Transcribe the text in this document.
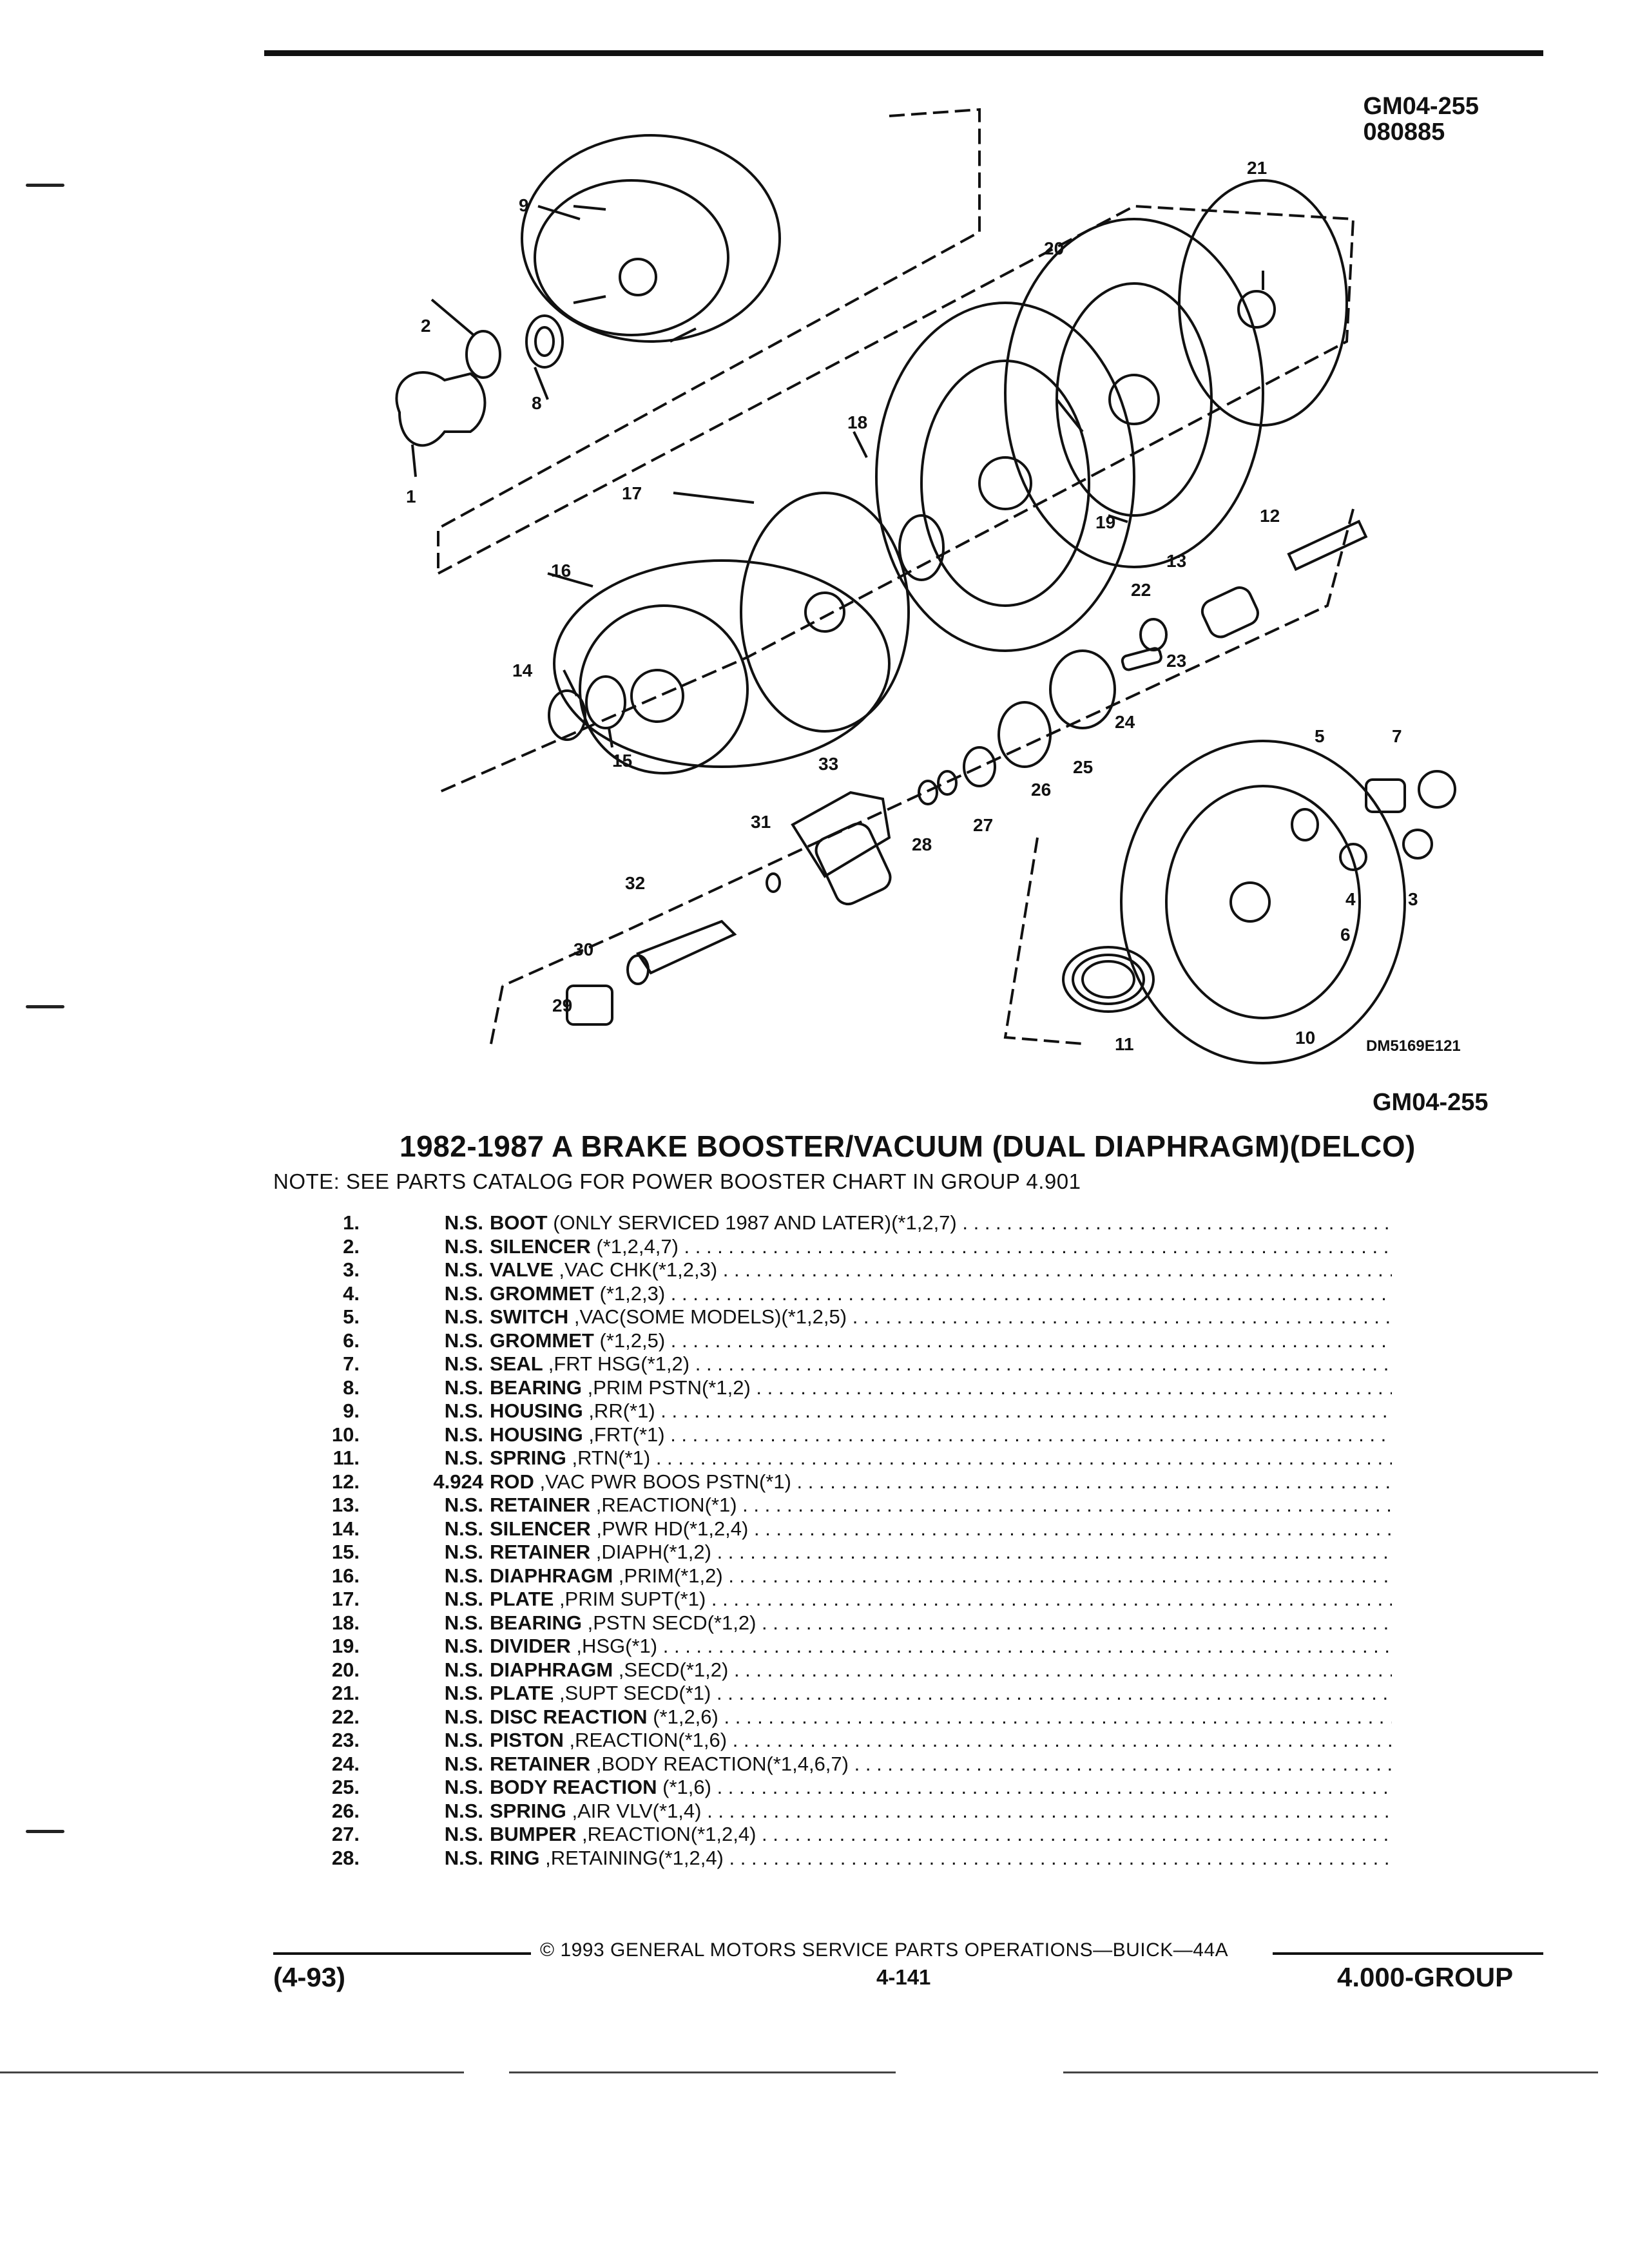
GM04-255
080885
1
2
3
4
5
6
7
8
9
10
11
12
13
14
15
16
17
18
19
20
21
22
23
24
25
26
27
28
29
30
31
32
33
DM5169E121
GM04-255
1982-1987 A BRAKE BOOSTER/VACUUM (DUAL DIAPHRAGM)(DELCO)
NOTE: SEE PARTS CATALOG FOR POWER BOOSTER CHART IN GROUP 4.901
1.	N.S. BOOT (ONLY SERVICED 1987 AND LATER)(*1,2,7) . . .
2.	N.S. SILENCER (*1,2,4,7) . . .
3.	N.S. VALVE ,VAC CHK(*1,2,3) . . .
4.	N.S. GROMMET (*1,2,3) . . .
5.	N.S. SWITCH ,VAC(SOME MODELS)(*1,2,5) . . .
6.	N.S. GROMMET (*1,2,5) . . .
7.	N.S. SEAL ,FRT HSG(*1,2) . . .
8.	N.S. BEARING ,PRIM PSTN(*1,2) . . .
9.	N.S. HOUSING ,RR(*1) . . .
10.	N.S. HOUSING ,FRT(*1) . . .
11.	N.S. SPRING ,RTN(*1) . . .
12.	4.924 ROD ,VAC PWR BOOS PSTN(*1) . . .
13.	N.S. RETAINER ,REACTION(*1) . . .
14.	N.S. SILENCER ,PWR HD(*1,2,4) . . .
15.	N.S. RETAINER ,DIAPH(*1,2) . . .
16.	N.S. DIAPHRAGM ,PRIM(*1,2) . . .
17.	N.S. PLATE ,PRIM SUPT(*1) . . .
18.	N.S. BEARING ,PSTN SECD(*1,2) . . .
19.	N.S. DIVIDER ,HSG(*1) . . .
20.	N.S. DIAPHRAGM ,SECD(*1,2) . . .
21.	N.S. PLATE ,SUPT SECD(*1) . . .
22.	N.S. DISC REACTION (*1,2,6) . . .
23.	N.S. PISTON ,REACTION(*1,6) . . .
24.	N.S. RETAINER ,BODY REACTION(*1,4,6,7) . . .
25.	N.S. BODY REACTION (*1,6) . . .
26.	N.S. SPRING ,AIR VLV(*1,4) . . .
27.	N.S. BUMPER ,REACTION(*1,2,4) . . .
28.	N.S. RING ,RETAINING(*1,2,4) . . .
© 1993 GENERAL MOTORS SERVICE PARTS OPERATIONS—BUICK—44A
(4-93)	4-141	4.000-GROUP
